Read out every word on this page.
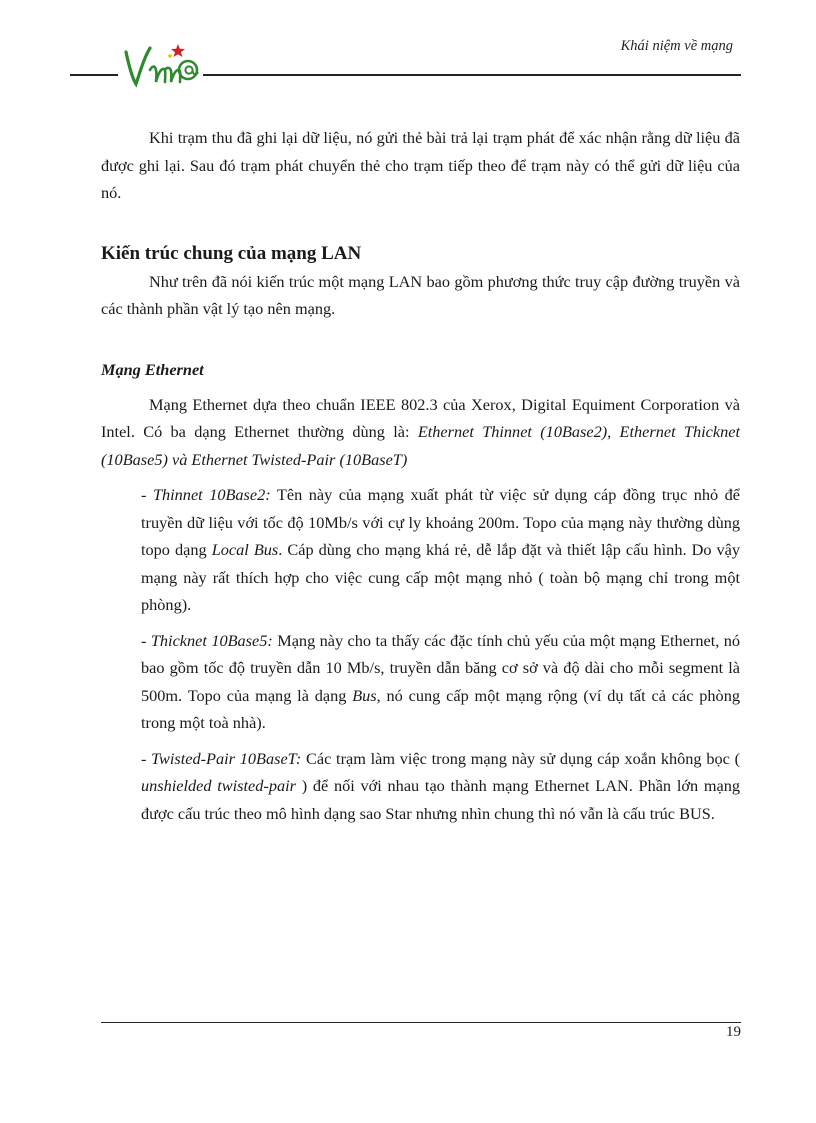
Khái niệm về mạng

Khi trạm thu đã ghi lại dữ liệu, nó gửi thẻ bài trả lại trạm phát để xác nhận rằng dữ liệu đã được ghi lại. Sau đó trạm phát chuyển thẻ cho trạm tiếp theo để trạm này có thể gửi dữ liệu của nó.

Kiến trúc chung của mạng LAN

Như trên đã nói kiến trúc một mạng LAN bao gồm phương thức truy cập đường truyền và các thành phần vật lý tạo nên mạng.

Mạng Ethernet

Mạng Ethernet dựa theo chuẩn IEEE 802.3 của Xerox, Digital Equiment Corporation và Intel. Có ba dạng Ethernet thường dùng là: Ethernet Thinnet (10Base2), Ethernet Thicknet (10Base5) và Ethernet Twisted-Pair (10BaseT)

- Thinnet 10Base2: Tên này của mạng xuất phát từ việc sử dụng cáp đồng trục nhỏ để truyền dữ liệu với tốc độ 10Mb/s với cự ly khoảng 200m. Topo của mạng này thường dùng topo dạng Local Bus. Cáp dùng cho mạng khá rẻ, dễ lắp đặt và thiết lập cấu hình. Do vậy mạng này rất thích hợp cho việc cung cấp một mạng nhỏ ( toàn bộ mạng chỉ trong một phòng).

- Thicknet 10Base5: Mạng này cho ta thấy các đặc tính chủ yếu của một mạng Ethernet, nó bao gồm tốc độ truyền dẫn 10 Mb/s, truyền dẫn băng cơ sở và độ dài cho mỗi segment là 500m. Topo của mạng là dạng Bus, nó cung cấp một mạng rộng (ví dụ tất cả các phòng trong một toà nhà).

- Twisted-Pair 10BaseT: Các trạm làm việc trong mạng này sử dụng cáp xoắn không bọc ( unshielded twisted-pair ) để nối với nhau tạo thành mạng Ethernet LAN. Phần lớn mạng được cấu trúc theo mô hình dạng sao Star nhưng nhìn chung thì nó vẫn là cấu trúc BUS.

19
